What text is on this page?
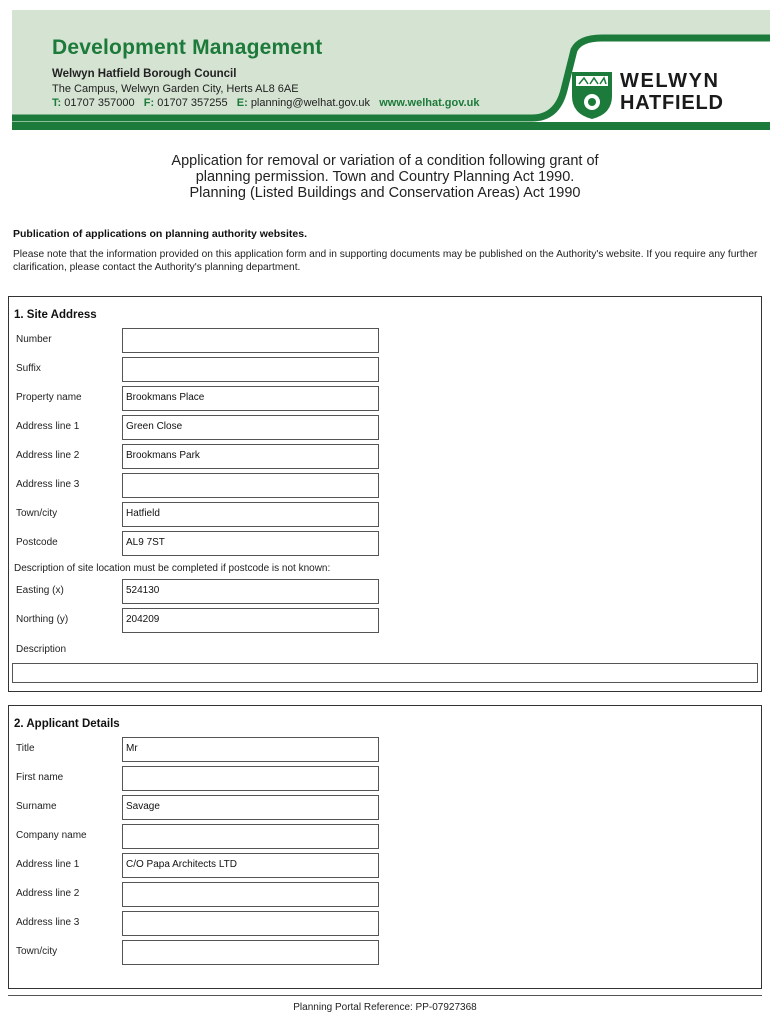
Development Management
Welwyn Hatfield Borough Council
The Campus, Welwyn Garden City, Herts AL8 6AE
T: 01707 357000 F: 01707 357255 E: planning@welhat.gov.uk www.welhat.gov.uk
WELWYN
HATFIELD
Application for removal or variation of a condition following grant of
planning permission. Town and Country Planning Act 1990.
Planning (Listed Buildings and Conservation Areas) Act 1990
Publication of applications on planning authority websites.
Please note that the information provided on this application form and in supporting documents may be published on the Authority's website. If you require any further clarification, please contact the Authority's planning department.
1. Site Address
Number
Suffix
Property name	Brookmans Place
Address line 1	Green Close
Address line 2	Brookmans Park
Address line 3
Town/city	Hatfield
Postcode	AL9 7ST
Description of site location must be completed if postcode is not known:
Easting (x)	524130
Northing (y)	204209
Description
2. Applicant Details
Title	Mr
First name
Surname	Savage
Company name
Address line 1	C/O Papa Architects LTD
Address line 2
Address line 3
Town/city
Planning Portal Reference: PP-07927368
